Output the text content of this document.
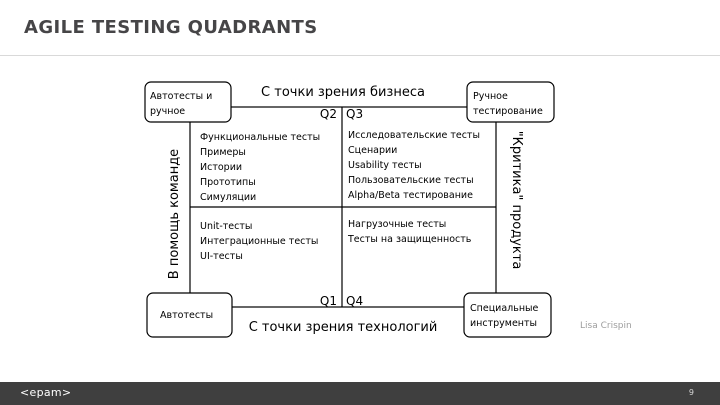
AGILE TESTING QUADRANTS
Автотесты и ручное
Ручное тестирование
Автотесты
Специальные инструменты
С точки зрения бизнеса
С точки зрения технологий
В помощь команде	"Критика" продукта
Q2 Q3
Q1 Q4
Функциональные тесты Примеры Истории Прототипы Симуляции
Исследовательские тесты Сценарии Usability тесты Пользовательские тесты Alpha/Beta тестирование
Unit-тесты Интеграционные тесты UI-тесты
Нагрузочные тесты Тесты на защищенность
Lisa Crispin
<epam>	9
